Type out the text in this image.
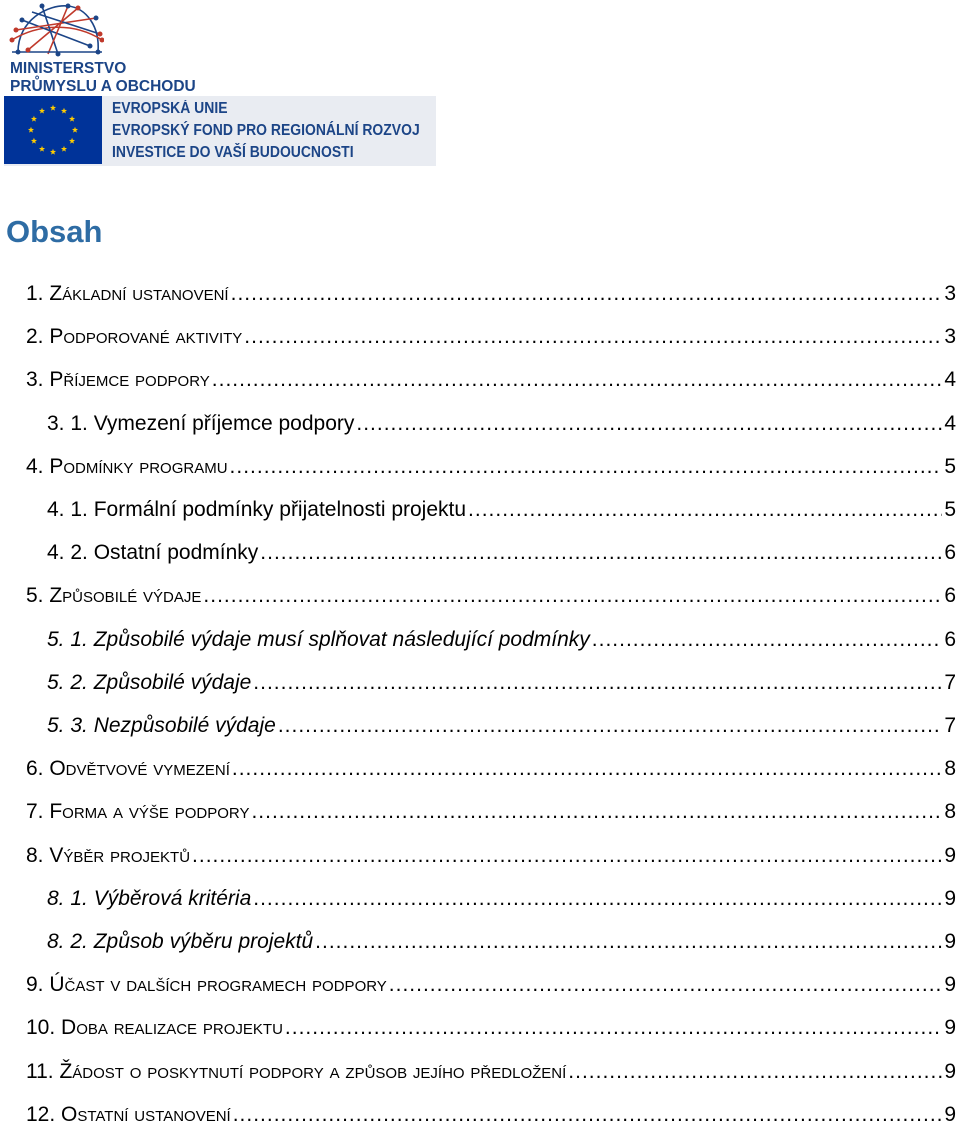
MINISTERSTVO
PRŮMYSLU A OBCHODU
EVROPSKÁ UNIE
EVROPSKÝ FOND PRO REGIONÁLNÍ ROZVOJ
INVESTICE DO VAŠÍ BUDOUCNOSTI
Obsah
1. Základní ustanovení .....	3
2. Podporované aktivity .....	3
3. Příjemce podpory .....	4
3. 1. Vymezení příjemce podpory .....	4
4. Podmínky programu .....	5
4. 1. Formální podmínky přijatelnosti projektu .....	5
4. 2. Ostatní podmínky .....	6
5. Způsobilé výdaje .....	6
5. 1. Způsobilé výdaje musí splňovat následující podmínky .....	6
5. 2. Způsobilé výdaje .....	7
5. 3. Nezpůsobilé výdaje .....	7
6. Odvětvové vymezení .....	8
7. Forma a výše podpory .....	8
8. Výběr projektů .....	9
8. 1. Výběrová kritéria .....	9
8. 2. Způsob výběru projektů .....	9
9. Účast v dalších programech podpory .....	9
10. Doba realizace projektu .....	9
11. Žádost o poskytnutí podpory a způsob jejího předložení .....	9
12. Ostatní ustanovení .....	9
